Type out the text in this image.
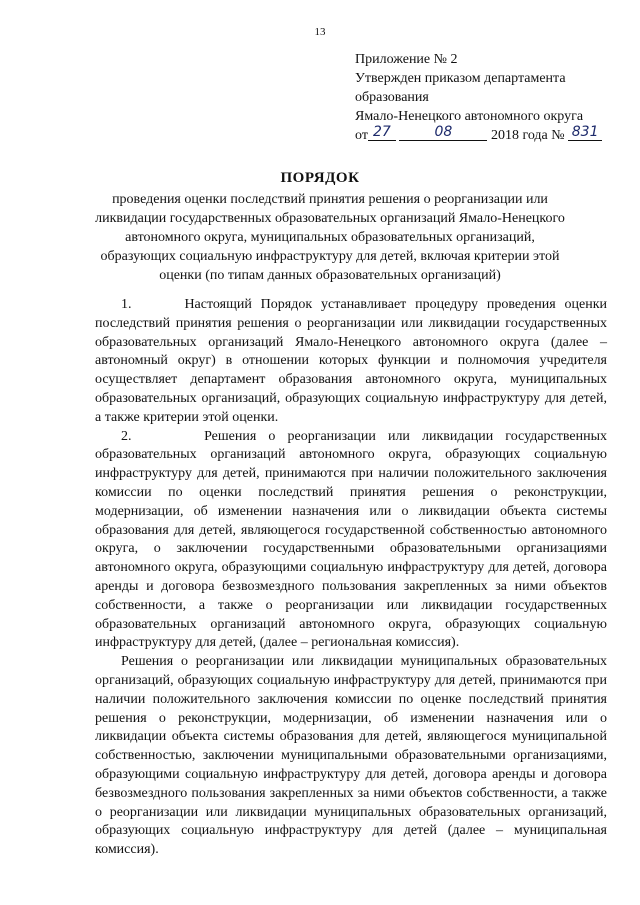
13
Приложение № 2
Утвержден приказом департамента
образования
Ямало-Ненецкого автономного округа
от 27	08	2018 года № 831
ПОРЯДОК
проведения оценки последствий принятия решения о реорганизации или ликвидации государственных образовательных организаций Ямало-Ненецкого автономного округа, муниципальных образовательных организаций, образующих социальную инфраструктуру для детей, включая критерии этой оценки (по типам данных образовательных организаций)

1.      Настоящий Порядок устанавливает процедуру проведения оценки последствий принятия решения о реорганизации или ликвидации государственных образовательных организаций Ямало-Ненецкого автономного округа (далее – автономный округ) в отношении которых функции и полномочия учредителя осуществляет департамент образования автономного округа, муниципальных образовательных организаций, образующих социальную инфраструктуру для детей, а также критерии этой оценки.

2.      Решения о реорганизации или ликвидации государственных образовательных организаций автономного округа, образующих социальную инфраструктуру для детей, принимаются при наличии положительного заключения комиссии по оценки последствий принятия решения о реконструкции, модернизации, об изменении назначения или о ликвидации объекта системы образования для детей, являющегося государственной собственностью автономного округа, о заключении государственными образовательными организациями автономного округа, образующими социальную инфраструктуру для детей, договора аренды и договора безвозмездного пользования закрепленных за ними объектов собственности, а также о реорганизации или ликвидации государственных образовательных организаций автономного округа, образующих социальную инфраструктуру для детей, (далее – региональная комиссия).

Решения о реорганизации или ликвидации муниципальных образовательных организаций, образующих социальную инфраструктуру для детей, принимаются при наличии положительного заключения комиссии по оценке последствий принятия решения о реконструкции, модернизации, об изменении назначения или о ликвидации объекта системы образования для детей, являющегося муниципальной собственностью, заключении муниципальными образовательными организациями, образующими социальную инфраструктуру для детей, договора аренды и договора безвозмездного пользования закрепленных за ними объектов собственности, а также о реорганизации или ликвидации муниципальных образовательных организаций, образующих социальную инфраструктуру для детей (далее – муниципальная комиссия).
